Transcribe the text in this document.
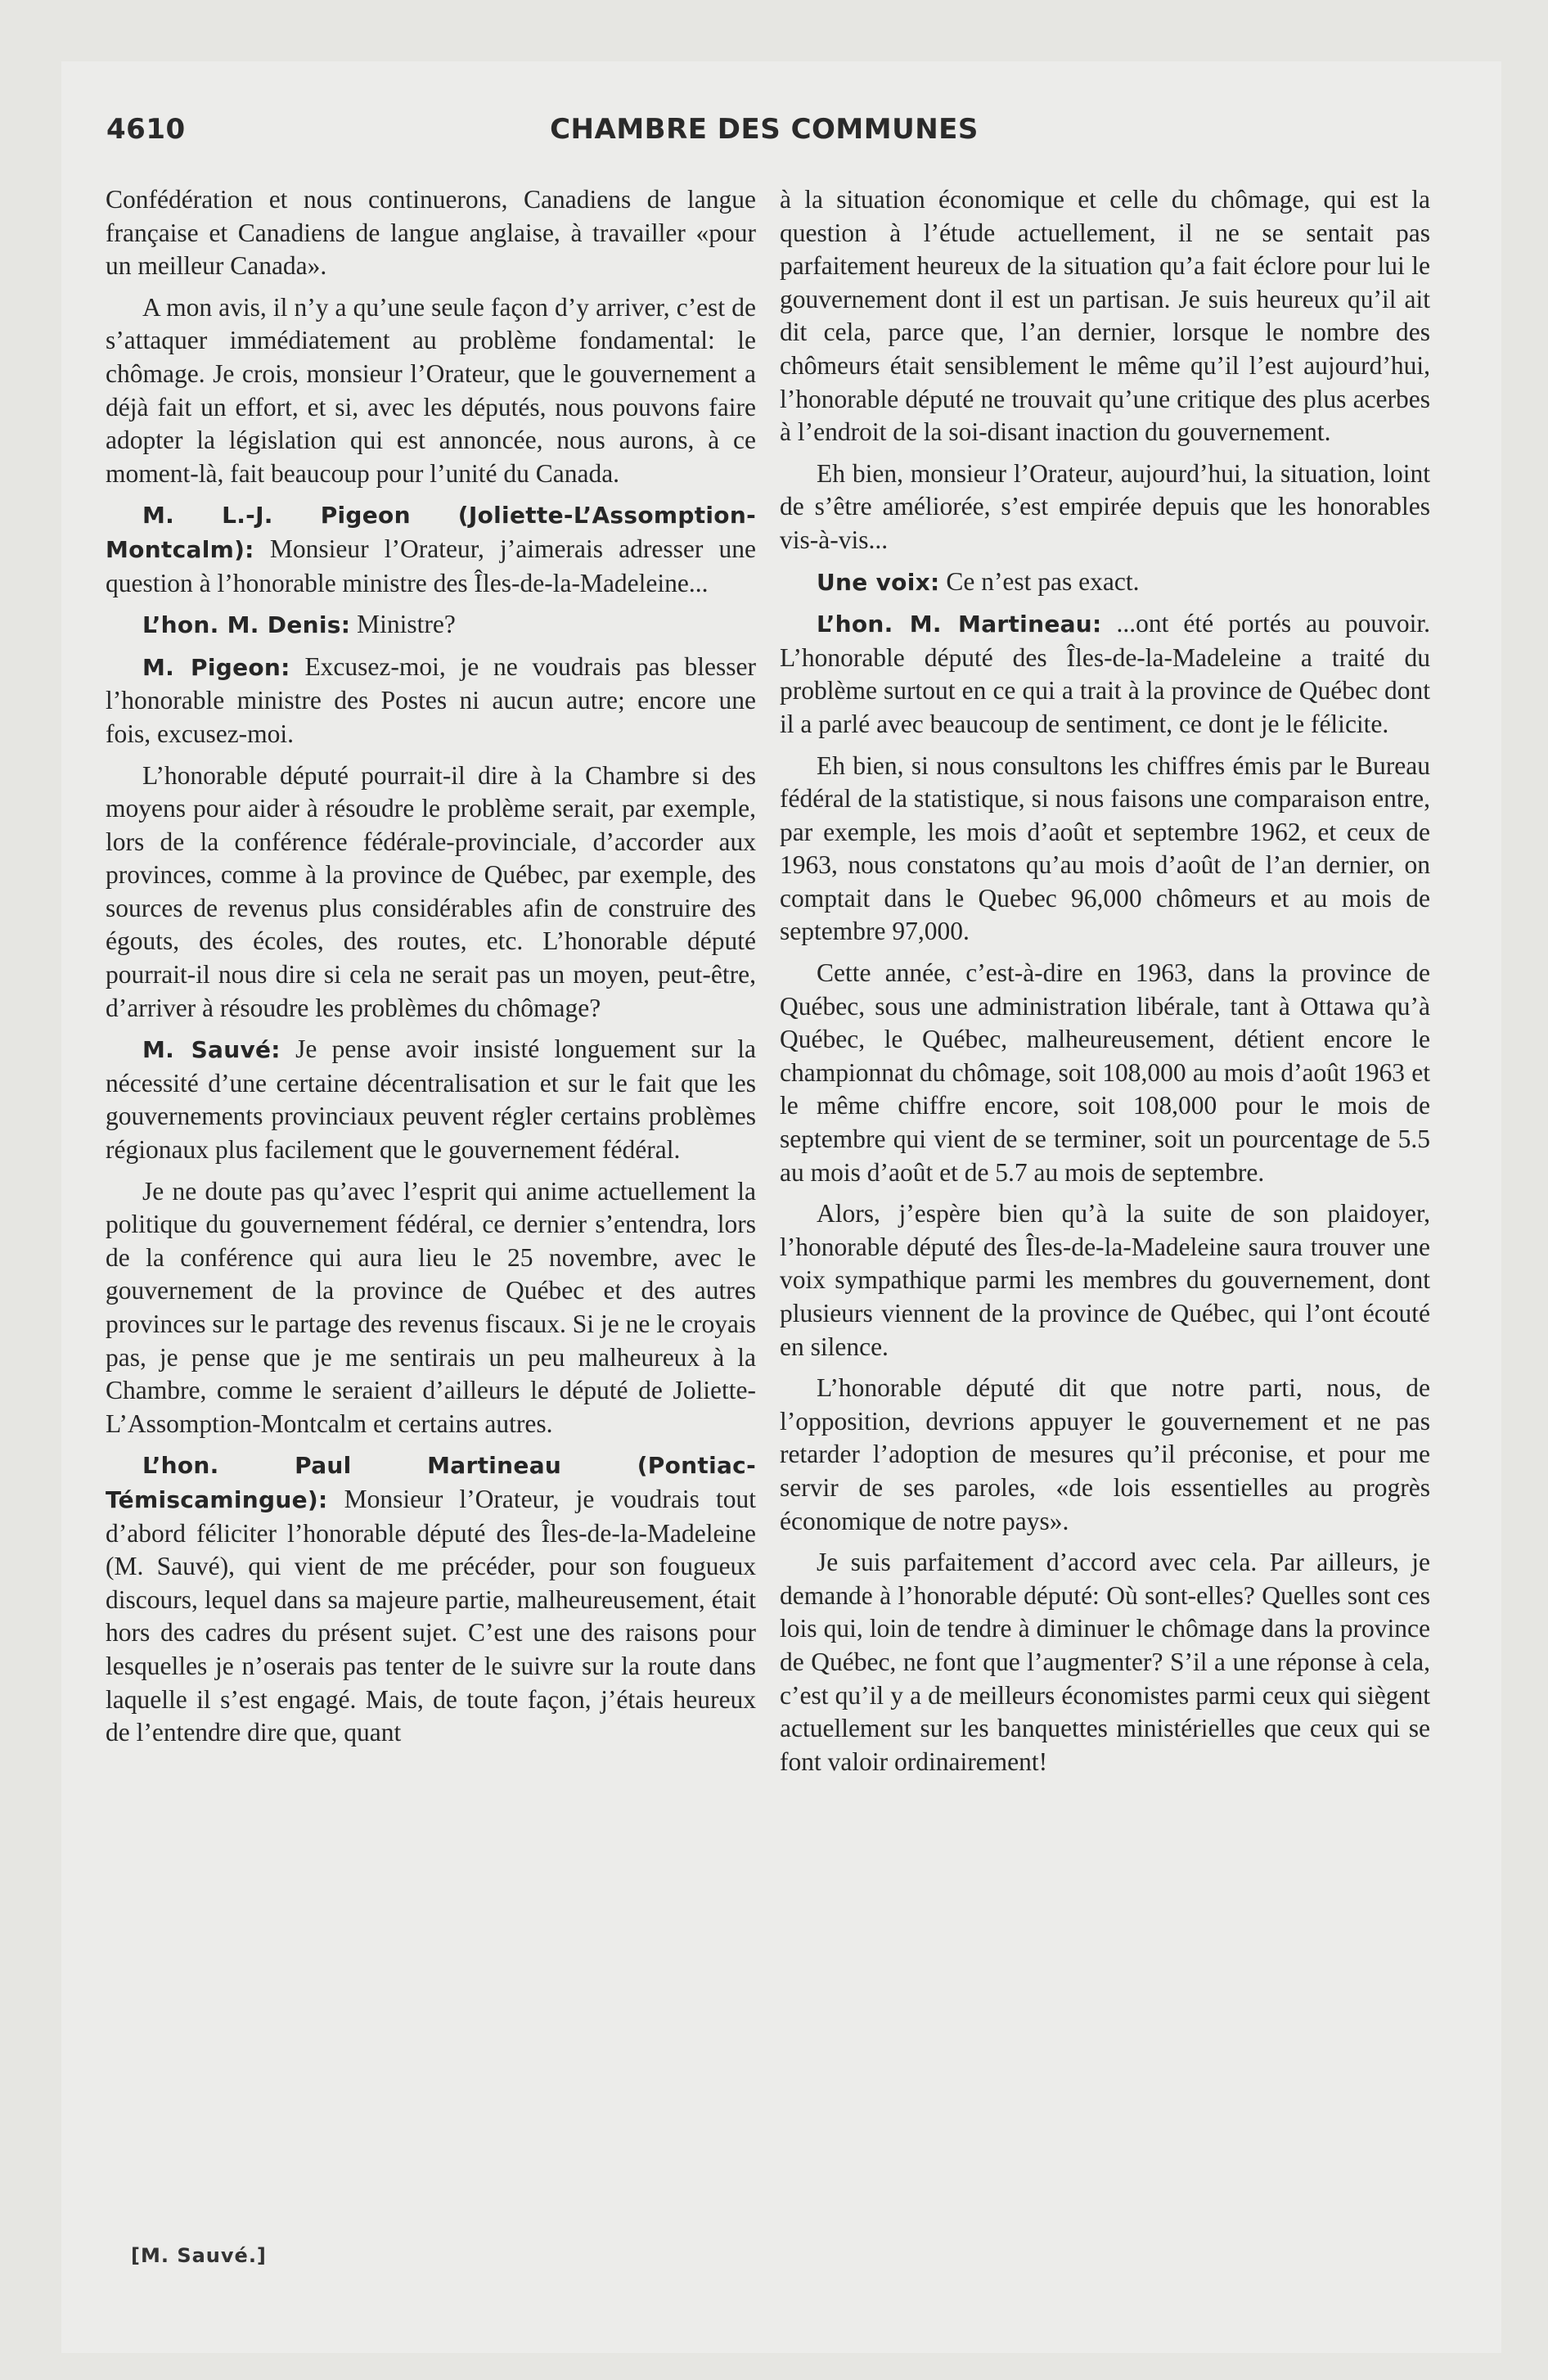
4610	CHAMBRE DES COMMUNES

Confédération et nous continuerons, Canadiens de langue française et Canadiens de langue anglaise, à travailler «pour un meilleur Canada».

A mon avis, il n’y a qu’une seule façon d’y arriver, c’est de s’attaquer immédiatement au problème fondamental: le chômage. Je crois, monsieur l’Orateur, que le gouvernement a déjà fait un effort, et si, avec les députés, nous pouvons faire adopter la législation qui est annoncée, nous aurons, à ce moment-là, fait beaucoup pour l’unité du Canada.

M. L.-J. Pigeon (Joliette-L’Assomption-Montcalm): Monsieur l’Orateur, j’aimerais adresser une question à l’honorable ministre des Îles-de-la-Madeleine...

L’hon. M. Denis: Ministre?

M. Pigeon: Excusez-moi, je ne voudrais pas blesser l’honorable ministre des Postes ni aucun autre; encore une fois, excusez-moi.

L’honorable député pourrait-il dire à la Chambre si des moyens pour aider à résoudre le problème serait, par exemple, lors de la conférence fédérale-provinciale, d’accorder aux provinces, comme à la province de Québec, par exemple, des sources de revenus plus considérables afin de construire des égouts, des écoles, des routes, etc. L’honorable député pourrait-il nous dire si cela ne serait pas un moyen, peut-être, d’arriver à résoudre les problèmes du chômage?

M. Sauvé: Je pense avoir insisté longuement sur la nécessité d’une certaine décentralisation et sur le fait que les gouvernements provinciaux peuvent régler certains problèmes régionaux plus facilement que le gouvernement fédéral.

Je ne doute pas qu’avec l’esprit qui anime actuellement la politique du gouvernement fédéral, ce dernier s’entendra, lors de la conférence qui aura lieu le 25 novembre, avec le gouvernement de la province de Québec et des autres provinces sur le partage des revenus fiscaux. Si je ne le croyais pas, je pense que je me sentirais un peu malheureux à la Chambre, comme le seraient d’ailleurs le député de Joliette-L’Assomption-Montcalm et certains autres.

L’hon. Paul Martineau (Pontiac-Témiscamingue): Monsieur l’Orateur, je voudrais tout d’abord féliciter l’honorable député des Îles-de-la-Madeleine (M. Sauvé), qui vient de me précéder, pour son fougueux discours, lequel dans sa majeure partie, malheureusement, était hors des cadres du présent sujet. C’est une des raisons pour lesquelles je n’oserais pas tenter de le suivre sur la route dans laquelle il s’est engagé. Mais, de toute façon, j’étais heureux de l’entendre dire que, quant

à la situation économique et celle du chômage, qui est la question à l’étude actuellement, il ne se sentait pas parfaitement heureux de la situation qu’a fait éclore pour lui le gouvernement dont il est un partisan. Je suis heureux qu’il ait dit cela, parce que, l’an dernier, lorsque le nombre des chômeurs était sensiblement le même qu’il l’est aujourd’hui, l’honorable député ne trouvait qu’une critique des plus acerbes à l’endroit de la soi-disant inaction du gouvernement.

Eh bien, monsieur l’Orateur, aujourd’hui, la situation, loint de s’être améliorée, s’est empirée depuis que les honorables vis-à-vis...

Une voix: Ce n’est pas exact.

L’hon. M. Martineau: ...ont été portés au pouvoir. L’honorable député des Îles-de-la-Madeleine a traité du problème surtout en ce qui a trait à la province de Québec dont il a parlé avec beaucoup de sentiment, ce dont je le félicite.

Eh bien, si nous consultons les chiffres émis par le Bureau fédéral de la statistique, si nous faisons une comparaison entre, par exemple, les mois d’août et septembre 1962, et ceux de 1963, nous constatons qu’au mois d’août de l’an dernier, on comptait dans le Quebec 96,000 chômeurs et au mois de septembre 97,000.

Cette année, c’est-à-dire en 1963, dans la province de Québec, sous une administration libérale, tant à Ottawa qu’à Québec, le Québec, malheureusement, détient encore le championnat du chômage, soit 108,000 au mois d’août 1963 et le même chiffre encore, soit 108,000 pour le mois de septembre qui vient de se terminer, soit un pourcentage de 5.5 au mois d’août et de 5.7 au mois de septembre.

Alors, j’espère bien qu’à la suite de son plaidoyer, l’honorable député des Îles-de-la-Madeleine saura trouver une voix sympathique parmi les membres du gouvernement, dont plusieurs viennent de la province de Québec, qui l’ont écouté en silence.

L’honorable député dit que notre parti, nous, de l’opposition, devrions appuyer le gouvernement et ne pas retarder l’adoption de mesures qu’il préconise, et pour me servir de ses paroles, «de lois essentielles au progrès économique de notre pays».

Je suis parfaitement d’accord avec cela. Par ailleurs, je demande à l’honorable député: Où sont-elles? Quelles sont ces lois qui, loin de tendre à diminuer le chômage dans la province de Québec, ne font que l’augmenter? S’il a une réponse à cela, c’est qu’il y a de meilleurs économistes parmi ceux qui siègent actuellement sur les banquettes ministérielles que ceux qui se font valoir ordinairement!

[M. Sauvé.]
